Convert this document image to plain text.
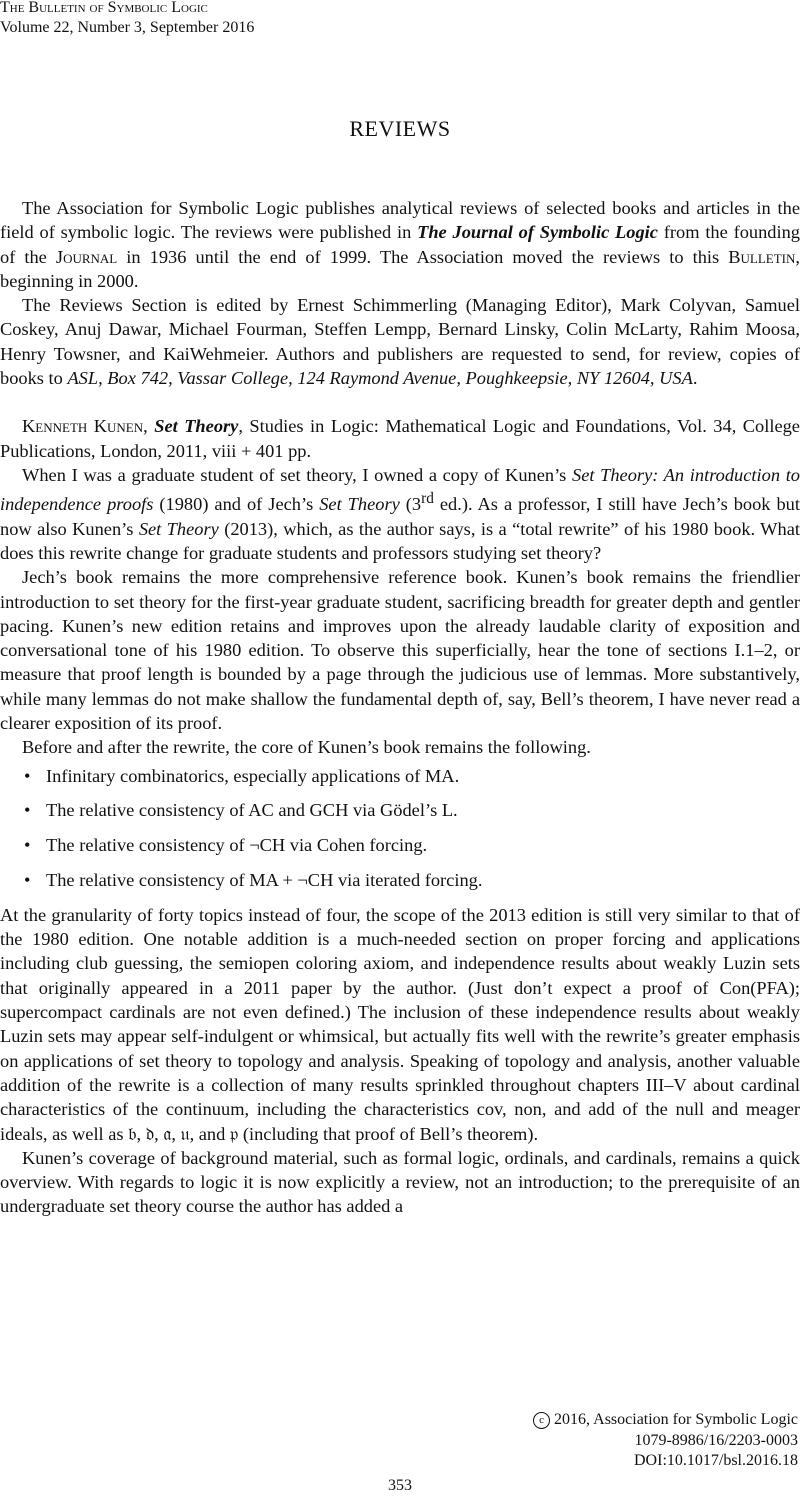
The Bulletin of Symbolic Logic
Volume 22, Number 3, September 2016
REVIEWS

The Association for Symbolic Logic publishes analytical reviews of selected books and articles in the field of symbolic logic. The reviews were published in The Journal of Symbolic Logic from the founding of the Journal in 1936 until the end of 1999. The Association moved the reviews to this Bulletin, beginning in 2000.

The Reviews Section is edited by Ernest Schimmerling (Managing Editor), Mark Colyvan, Samuel Coskey, Anuj Dawar, Michael Fourman, Steffen Lempp, Bernard Linsky, Colin McLarty, Rahim Moosa, Henry Towsner, and KaiWehmeier. Authors and publishers are requested to send, for review, copies of books to ASL, Box 742, Vassar College, 124 Raymond Avenue, Poughkeepsie, NY 12604, USA.

Kenneth Kunen, Set Theory, Studies in Logic: Mathematical Logic and Foundations, Vol. 34, College Publications, London, 2011, viii + 401 pp.

When I was a graduate student of set theory, I owned a copy of Kunen’s Set Theory: An introduction to independence proofs (1980) and of Jech’s Set Theory (3rd ed.). As a professor, I still have Jech’s book but now also Kunen’s Set Theory (2013), which, as the author says, is a “total rewrite” of his 1980 book. What does this rewrite change for graduate students and professors studying set theory?

Jech’s book remains the more comprehensive reference book. Kunen’s book remains the friendlier introduction to set theory for the first-year graduate student, sacrificing breadth for greater depth and gentler pacing. Kunen’s new edition retains and improves upon the already laudable clarity of exposition and conversational tone of his 1980 edition. To observe this superficially, hear the tone of sections I.1–2, or measure that proof length is bounded by a page through the judicious use of lemmas. More substantively, while many lemmas do not make shallow the fundamental depth of, say, Bell’s theorem, I have never read a clearer exposition of its proof.

Before and after the rewrite, the core of Kunen’s book remains the following.

• Infinitary combinatorics, especially applications of MA.
• The relative consistency of AC and GCH via Gödel’s L.
• The relative consistency of ¬CH via Cohen forcing.
• The relative consistency of MA + ¬CH via iterated forcing.

At the granularity of forty topics instead of four, the scope of the 2013 edition is still very similar to that of the 1980 edition. One notable addition is a much-needed section on proper forcing and applications including club guessing, the semiopen coloring axiom, and independence results about weakly Luzin sets that originally appeared in a 2011 paper by the author. (Just don’t expect a proof of Con(PFA); supercompact cardinals are not even defined.) The inclusion of these independence results about weakly Luzin sets may appear self-indulgent or whimsical, but actually fits well with the rewrite’s greater emphasis on applications of set theory to topology and analysis. Speaking of topology and analysis, another valuable addition of the rewrite is a collection of many results sprinkled throughout chapters III–V about cardinal characteristics of the continuum, including the characteristics cov, non, and add of the null and meager ideals, as well as 𝔟, 𝔡, 𝔞, 𝔲, and 𝔭 (including that proof of Bell’s theorem).

Kunen’s coverage of background material, such as formal logic, ordinals, and cardinals, remains a quick overview. With regards to logic it is now explicitly a review, not an introduction; to the prerequisite of an undergraduate set theory course the author has added a

c 2016, Association for Symbolic Logic
1079-8986/16/2203-0003
DOI:10.1017/bsl.2016.18
353
